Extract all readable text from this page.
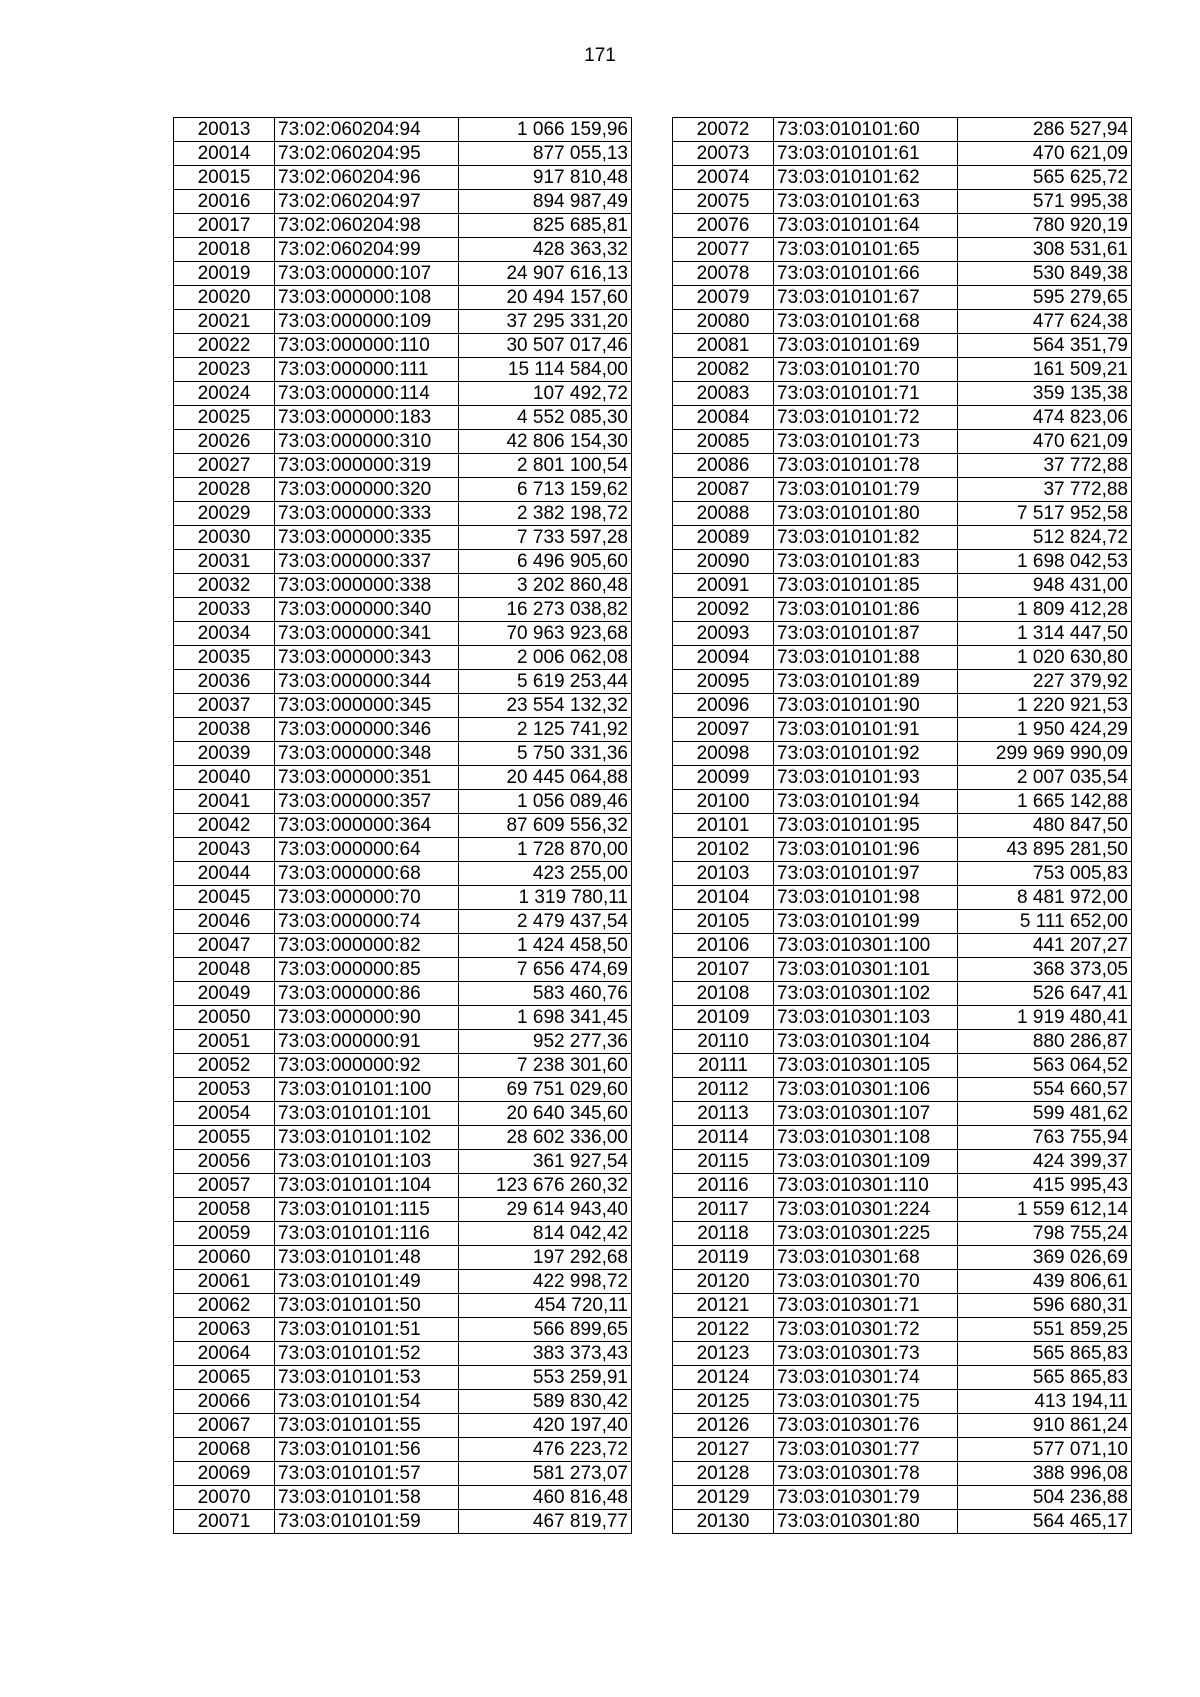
171
20013	73:02:060204:94	1 066 159,96
20014	73:02:060204:95	877 055,13
20015	73:02:060204:96	917 810,48
20016	73:02:060204:97	894 987,49
20017	73:02:060204:98	825 685,81
20018	73:02:060204:99	428 363,32
20019	73:03:000000:107	24 907 616,13
20020	73:03:000000:108	20 494 157,60
20021	73:03:000000:109	37 295 331,20
20022	73:03:000000:110	30 507 017,46
20023	73:03:000000:111	15 114 584,00
20024	73:03:000000:114	107 492,72
20025	73:03:000000:183	4 552 085,30
20026	73:03:000000:310	42 806 154,30
20027	73:03:000000:319	2 801 100,54
20028	73:03:000000:320	6 713 159,62
20029	73:03:000000:333	2 382 198,72
20030	73:03:000000:335	7 733 597,28
20031	73:03:000000:337	6 496 905,60
20032	73:03:000000:338	3 202 860,48
20033	73:03:000000:340	16 273 038,82
20034	73:03:000000:341	70 963 923,68
20035	73:03:000000:343	2 006 062,08
20036	73:03:000000:344	5 619 253,44
20037	73:03:000000:345	23 554 132,32
20038	73:03:000000:346	2 125 741,92
20039	73:03:000000:348	5 750 331,36
20040	73:03:000000:351	20 445 064,88
20041	73:03:000000:357	1 056 089,46
20042	73:03:000000:364	87 609 556,32
20043	73:03:000000:64	1 728 870,00
20044	73:03:000000:68	423 255,00
20045	73:03:000000:70	1 319 780,11
20046	73:03:000000:74	2 479 437,54
20047	73:03:000000:82	1 424 458,50
20048	73:03:000000:85	7 656 474,69
20049	73:03:000000:86	583 460,76
20050	73:03:000000:90	1 698 341,45
20051	73:03:000000:91	952 277,36
20052	73:03:000000:92	7 238 301,60
20053	73:03:010101:100	69 751 029,60
20054	73:03:010101:101	20 640 345,60
20055	73:03:010101:102	28 602 336,00
20056	73:03:010101:103	361 927,54
20057	73:03:010101:104	123 676 260,32
20058	73:03:010101:115	29 614 943,40
20059	73:03:010101:116	814 042,42
20060	73:03:010101:48	197 292,68
20061	73:03:010101:49	422 998,72
20062	73:03:010101:50	454 720,11
20063	73:03:010101:51	566 899,65
20064	73:03:010101:52	383 373,43
20065	73:03:010101:53	553 259,91
20066	73:03:010101:54	589 830,42
20067	73:03:010101:55	420 197,40
20068	73:03:010101:56	476 223,72
20069	73:03:010101:57	581 273,07
20070	73:03:010101:58	460 816,48
20071	73:03:010101:59	467 819,77
20072	73:03:010101:60	286 527,94
20073	73:03:010101:61	470 621,09
20074	73:03:010101:62	565 625,72
20075	73:03:010101:63	571 995,38
20076	73:03:010101:64	780 920,19
20077	73:03:010101:65	308 531,61
20078	73:03:010101:66	530 849,38
20079	73:03:010101:67	595 279,65
20080	73:03:010101:68	477 624,38
20081	73:03:010101:69	564 351,79
20082	73:03:010101:70	161 509,21
20083	73:03:010101:71	359 135,38
20084	73:03:010101:72	474 823,06
20085	73:03:010101:73	470 621,09
20086	73:03:010101:78	37 772,88
20087	73:03:010101:79	37 772,88
20088	73:03:010101:80	7 517 952,58
20089	73:03:010101:82	512 824,72
20090	73:03:010101:83	1 698 042,53
20091	73:03:010101:85	948 431,00
20092	73:03:010101:86	1 809 412,28
20093	73:03:010101:87	1 314 447,50
20094	73:03:010101:88	1 020 630,80
20095	73:03:010101:89	227 379,92
20096	73:03:010101:90	1 220 921,53
20097	73:03:010101:91	1 950 424,29
20098	73:03:010101:92	299 969 990,09
20099	73:03:010101:93	2 007 035,54
20100	73:03:010101:94	1 665 142,88
20101	73:03:010101:95	480 847,50
20102	73:03:010101:96	43 895 281,50
20103	73:03:010101:97	753 005,83
20104	73:03:010101:98	8 481 972,00
20105	73:03:010101:99	5 111 652,00
20106	73:03:010301:100	441 207,27
20107	73:03:010301:101	368 373,05
20108	73:03:010301:102	526 647,41
20109	73:03:010301:103	1 919 480,41
20110	73:03:010301:104	880 286,87
20111	73:03:010301:105	563 064,52
20112	73:03:010301:106	554 660,57
20113	73:03:010301:107	599 481,62
20114	73:03:010301:108	763 755,94
20115	73:03:010301:109	424 399,37
20116	73:03:010301:110	415 995,43
20117	73:03:010301:224	1 559 612,14
20118	73:03:010301:225	798 755,24
20119	73:03:010301:68	369 026,69
20120	73:03:010301:70	439 806,61
20121	73:03:010301:71	596 680,31
20122	73:03:010301:72	551 859,25
20123	73:03:010301:73	565 865,83
20124	73:03:010301:74	565 865,83
20125	73:03:010301:75	413 194,11
20126	73:03:010301:76	910 861,24
20127	73:03:010301:77	577 071,10
20128	73:03:010301:78	388 996,08
20129	73:03:010301:79	504 236,88
20130	73:03:010301:80	564 465,17
